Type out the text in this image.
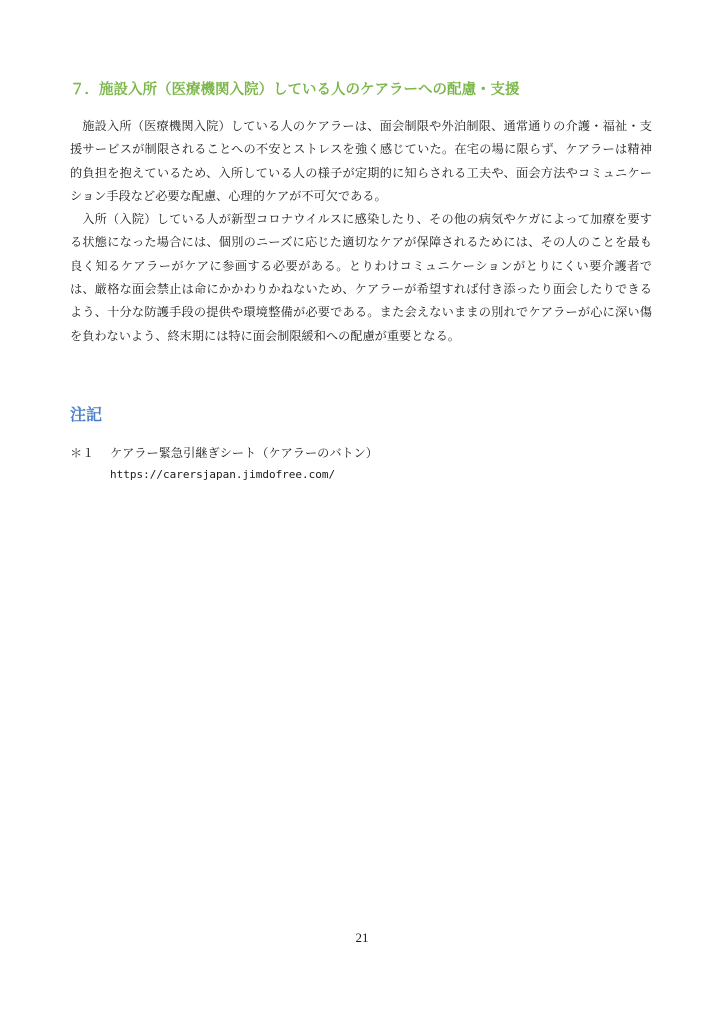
７．施設入所（医療機関入院）している人のケアラーへの配慮・支援

施設入所（医療機関入院）している人のケアラーは、面会制限や外泊制限、通常通りの介護・福祉・支援サービスが制限されることへの不安とストレスを強く感じていた。在宅の場に限らず、ケアラーは精神的負担を抱えているため、入所している人の様子が定期的に知らされる工夫や、面会方法やコミュニケーション手段など必要な配慮、心理的ケアが不可欠である。

入所（入院）している人が新型コロナウイルスに感染したり、その他の病気やケガによって加療を要する状態になった場合には、個別のニーズに応じた適切なケアが保障されるためには、その人のことを最も良く知るケアラーがケアに参画する必要がある。とりわけコミュニケーションがとりにくい要介護者では、厳格な面会禁止は命にかかわりかねないため、ケアラーが希望すれば付き添ったり面会したりできるよう、十分な防護手段の提供や環境整備が必要である。また会えないままの別れでケアラーが心に深い傷を負わないよう、終末期には特に面会制限緩和への配慮が重要となる。

注記
＊１	ケアラー緊急引継ぎシート（ケアラーのバトン）
https://carersjapan.jimdofree.com/
21
